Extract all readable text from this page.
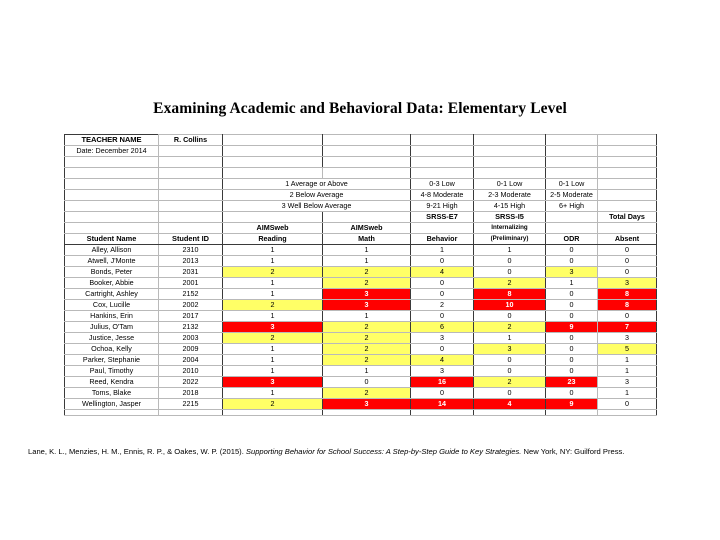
Examining Academic and Behavioral Data: Elementary Level
TEACHER NAME	R. Collins						
Date: December 2014							

		1 Average or Above		0-3 Low	0-1 Low	0-1 Low	
		2 Below Average		4-8 Moderate	2-3 Moderate	2-5 Moderate	
		3 Well Below Average		9-21 High	4-15 High	6+ High	
				SRSS-E7	SRSS-I5		Total Days
		AIMSweb	AIMSweb		Internalizing		
Student Name	Student ID	Reading	Math	Behavior	(Preliminary)	ODR	Absent
Alley, Allison	2310	1	1	1	1	0	0
Atwell, J'Monte	2013	1	1	0	0	0	0
Bonds, Peter	2031	2	2	4	0	3	0
Booker, Abbie	2001	1	2	0	2	1	3
Cartright, Ashley	2152	1	3	0	8	0	8
Cox, Lucille	2002	2	3	2	10	0	8
Hankins, Erin	2017	1	1	0	0	0	0
Julius, O'Tam	2132	3	2	6	2	9	7
Justice, Jesse	2003	2	2	3	1	0	3
Ochoa, Kelly	2009	1	2	0	3	0	5
Parker, Stephanie	2004	1	2	4	0	0	1
Paul, Timothy	2010	1	1	3	0	0	1
Reed, Kendra	2022	3	0	16	2	23	3
Toms, Blake	2018	1	2	0	0	0	1
Wellington, Jasper	2215	2	3	14	4	9	0

Lane, K. L., Menzies, H. M., Ennis, R. P., & Oakes, W. P. (2015). Supporting Behavior for School Success: A Step-by-Step Guide to Key Strategies. New York, NY: Guilford Press.
